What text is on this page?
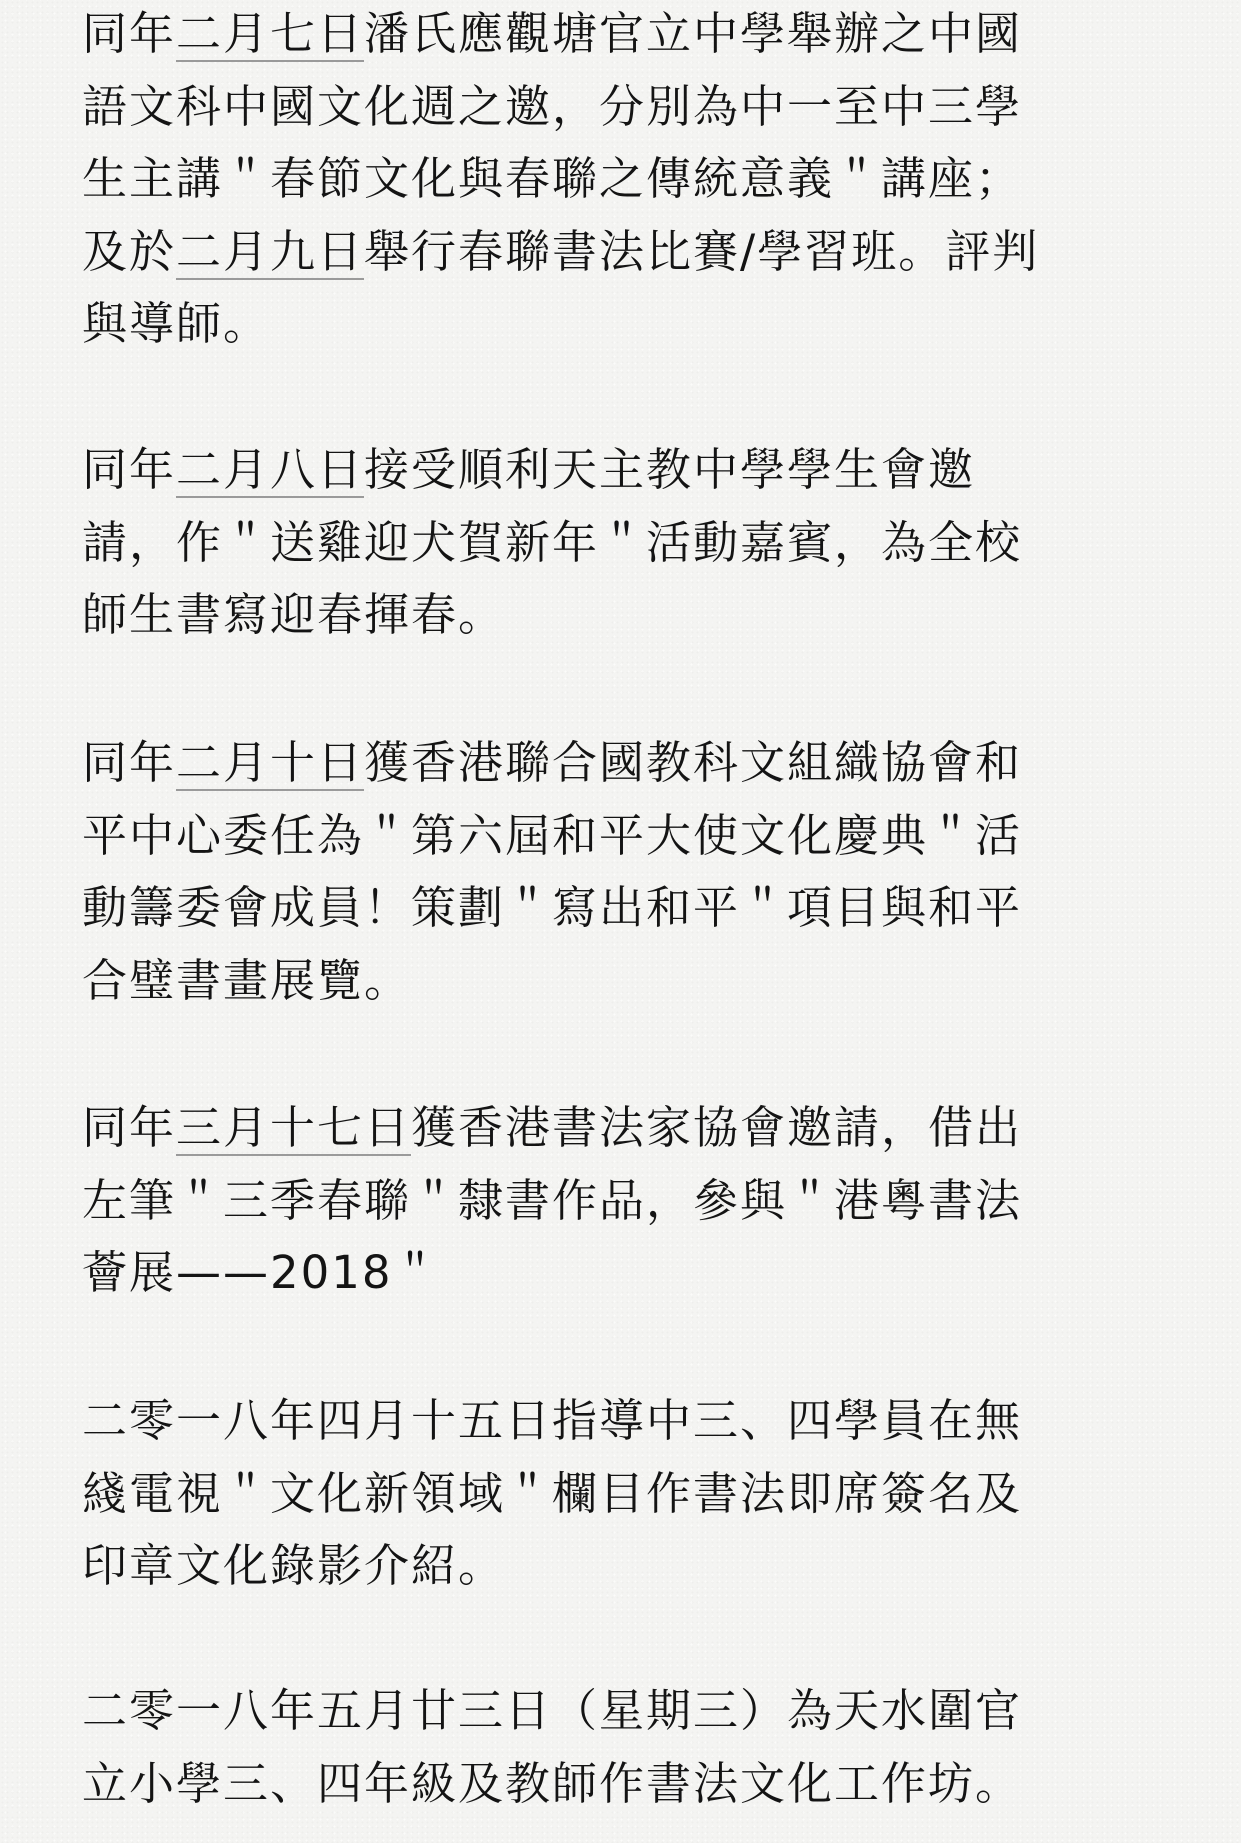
同年二月七日潘氏應觀塘官立中學舉辦之中國
語文科中國文化週之邀，分別為中一至中三學
生主講＂春節文化與春聯之傳統意義＂講座；
及於二月九日舉行春聯書法比賽/學習班。評判
與導師。

同年二月八日接受順利天主教中學學生會邀
請，作＂送雞迎犬賀新年＂活動嘉賓，為全校
師生書寫迎春揮春。

同年二月十日獲香港聯合國教科文組織協會和
平中心委任為＂第六屆和平大使文化慶典＂活
動籌委會成員！策劃＂寫出和平＂項目與和平
合璧書畫展覽。

同年三月十七日獲香港書法家協會邀請，借出
左筆＂三季春聯＂隸書作品，參與＂港粵書法
薈展——2018＂

二零一八年四月十五日指導中三、四學員在無
綫電視＂文化新領域＂欄目作書法即席簽名及
印章文化錄影介紹。

二零一八年五月廿三日（星期三）為天水圍官
立小學三、四年級及教師作書法文化工作坊。
